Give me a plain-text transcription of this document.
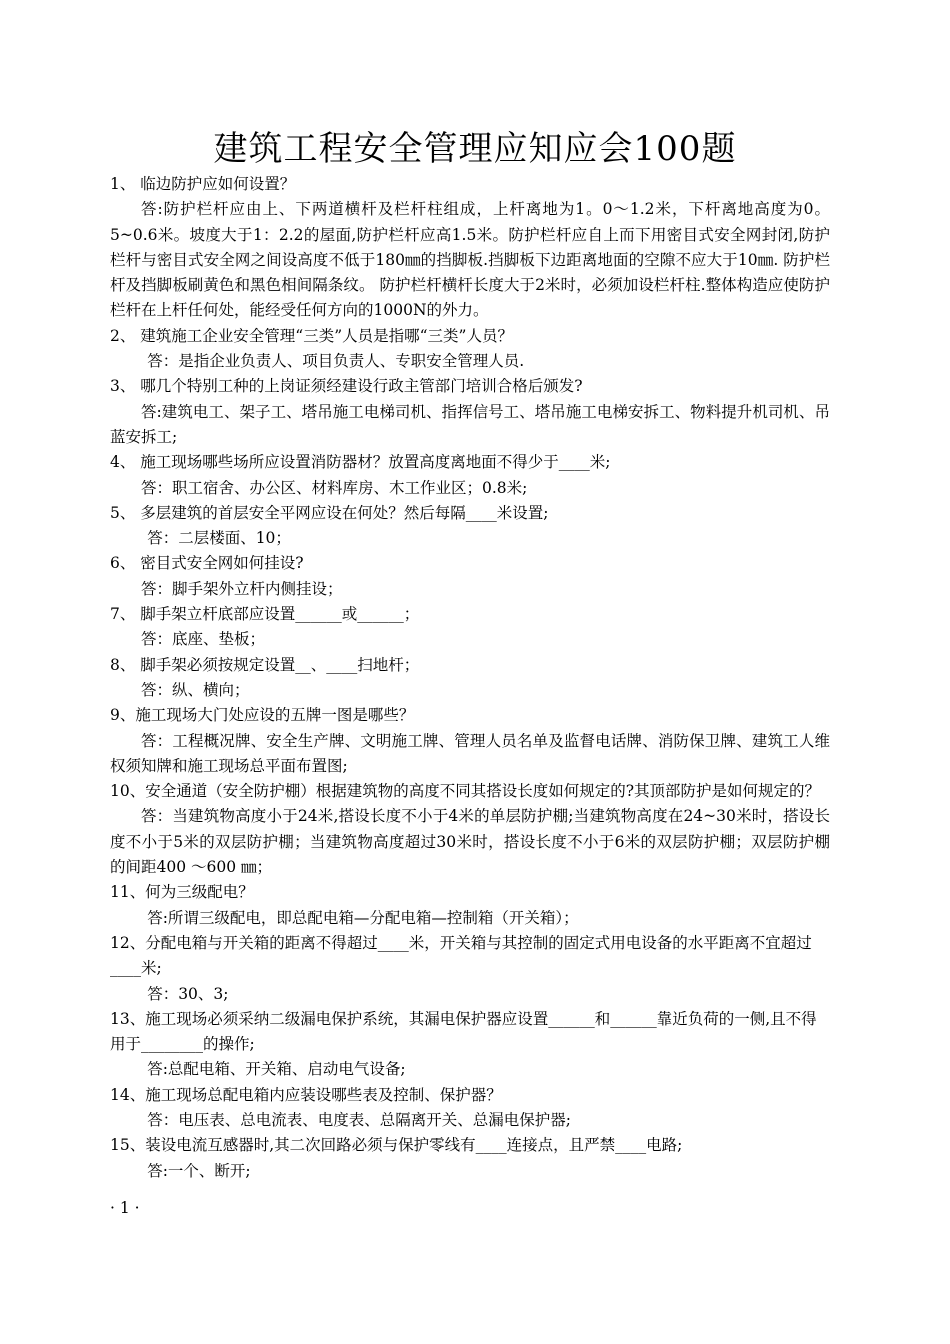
建筑工程安全管理应知应会100题

1、 临边防护应如何设置？

答:防护栏杆应由上、下两道横杆及栏杆柱组成，上杆离地为1。0～1.2米，下杆离地高度为0。5~0.6米。坡度大于1：2.2的屋面,防护栏杆应高1.5米。防护栏杆应自上而下用密目式安全网封闭,防护栏杆与密目式安全网之间设高度不低于180㎜的挡脚板.挡脚板下边距离地面的空隙不应大于10㎜. 防护栏杆及挡脚板刷黄色和黑色相间隔条纹。 防护栏杆横杆长度大于2米时，必须加设栏杆柱.整体构造应使防护栏杆在上杆任何处，能经受任何方向的1000N的外力。

2、 建筑施工企业安全管理“三类”人员是指哪“三类”人员？

答：是指企业负责人、项目负责人、专职安全管理人员.

3、 哪几个特别工种的上岗证须经建设行政主管部门培训合格后颁发?

答:建筑电工、架子工、塔吊施工电梯司机、指挥信号工、塔吊施工电梯安拆工、物料提升机司机、吊蓝安拆工;

4、 施工现场哪些场所应设置消防器材？放置高度离地面不得少于____米;

答：职工宿舍、办公区、材料库房、木工作业区；0.8米;

5、 多层建筑的首层安全平网应设在何处？然后每隔____米设置;

答：二层楼面、10；

6、 密目式安全网如何挂设?

答：脚手架外立杆内侧挂设；

7、 脚手架立杆底部应设置______或______；

答：底座、垫板；

8、 脚手架必须按规定设置__、____扫地杆；

答：纵、横向；

9、施工现场大门处应设的五牌一图是哪些？

答：工程概况牌、安全生产牌、文明施工牌、管理人员名单及监督电话牌、消防保卫牌、建筑工人维权须知牌和施工现场总平面布置图;

10、安全通道（安全防护棚）根据建筑物的高度不同其搭设长度如何规定的?其顶部防护是如何规定的？

答：当建筑物高度小于24米,搭设长度不小于4米的单层防护棚;当建筑物高度在24~30米时，搭设长度不小于5米的双层防护棚；当建筑物高度超过30米时，搭设长度不小于6米的双层防护棚；双层防护棚的间距400 ～600 ㎜；

11、何为三级配电？

答:所谓三级配电，即总配电箱—分配电箱—控制箱（开关箱）；

12、分配电箱与开关箱的距离不得超过____米，开关箱与其控制的固定式用电设备的水平距离不宜超过____米;

答：30、3;

13、施工现场必须采纳二级漏电保护系统，其漏电保护器应设置______和______靠近负荷的一侧,且不得用于________的操作;

答:总配电箱、开关箱、启动电气设备;

14、施工现场总配电箱内应装设哪些表及控制、保护器？

答：电压表、总电流表、电度表、总隔离开关、总漏电保护器;

15、装设电流互感器时,其二次回路必须与保护零线有____连接点，且严禁____电路;

答:一个、断开;

· 1 ·
